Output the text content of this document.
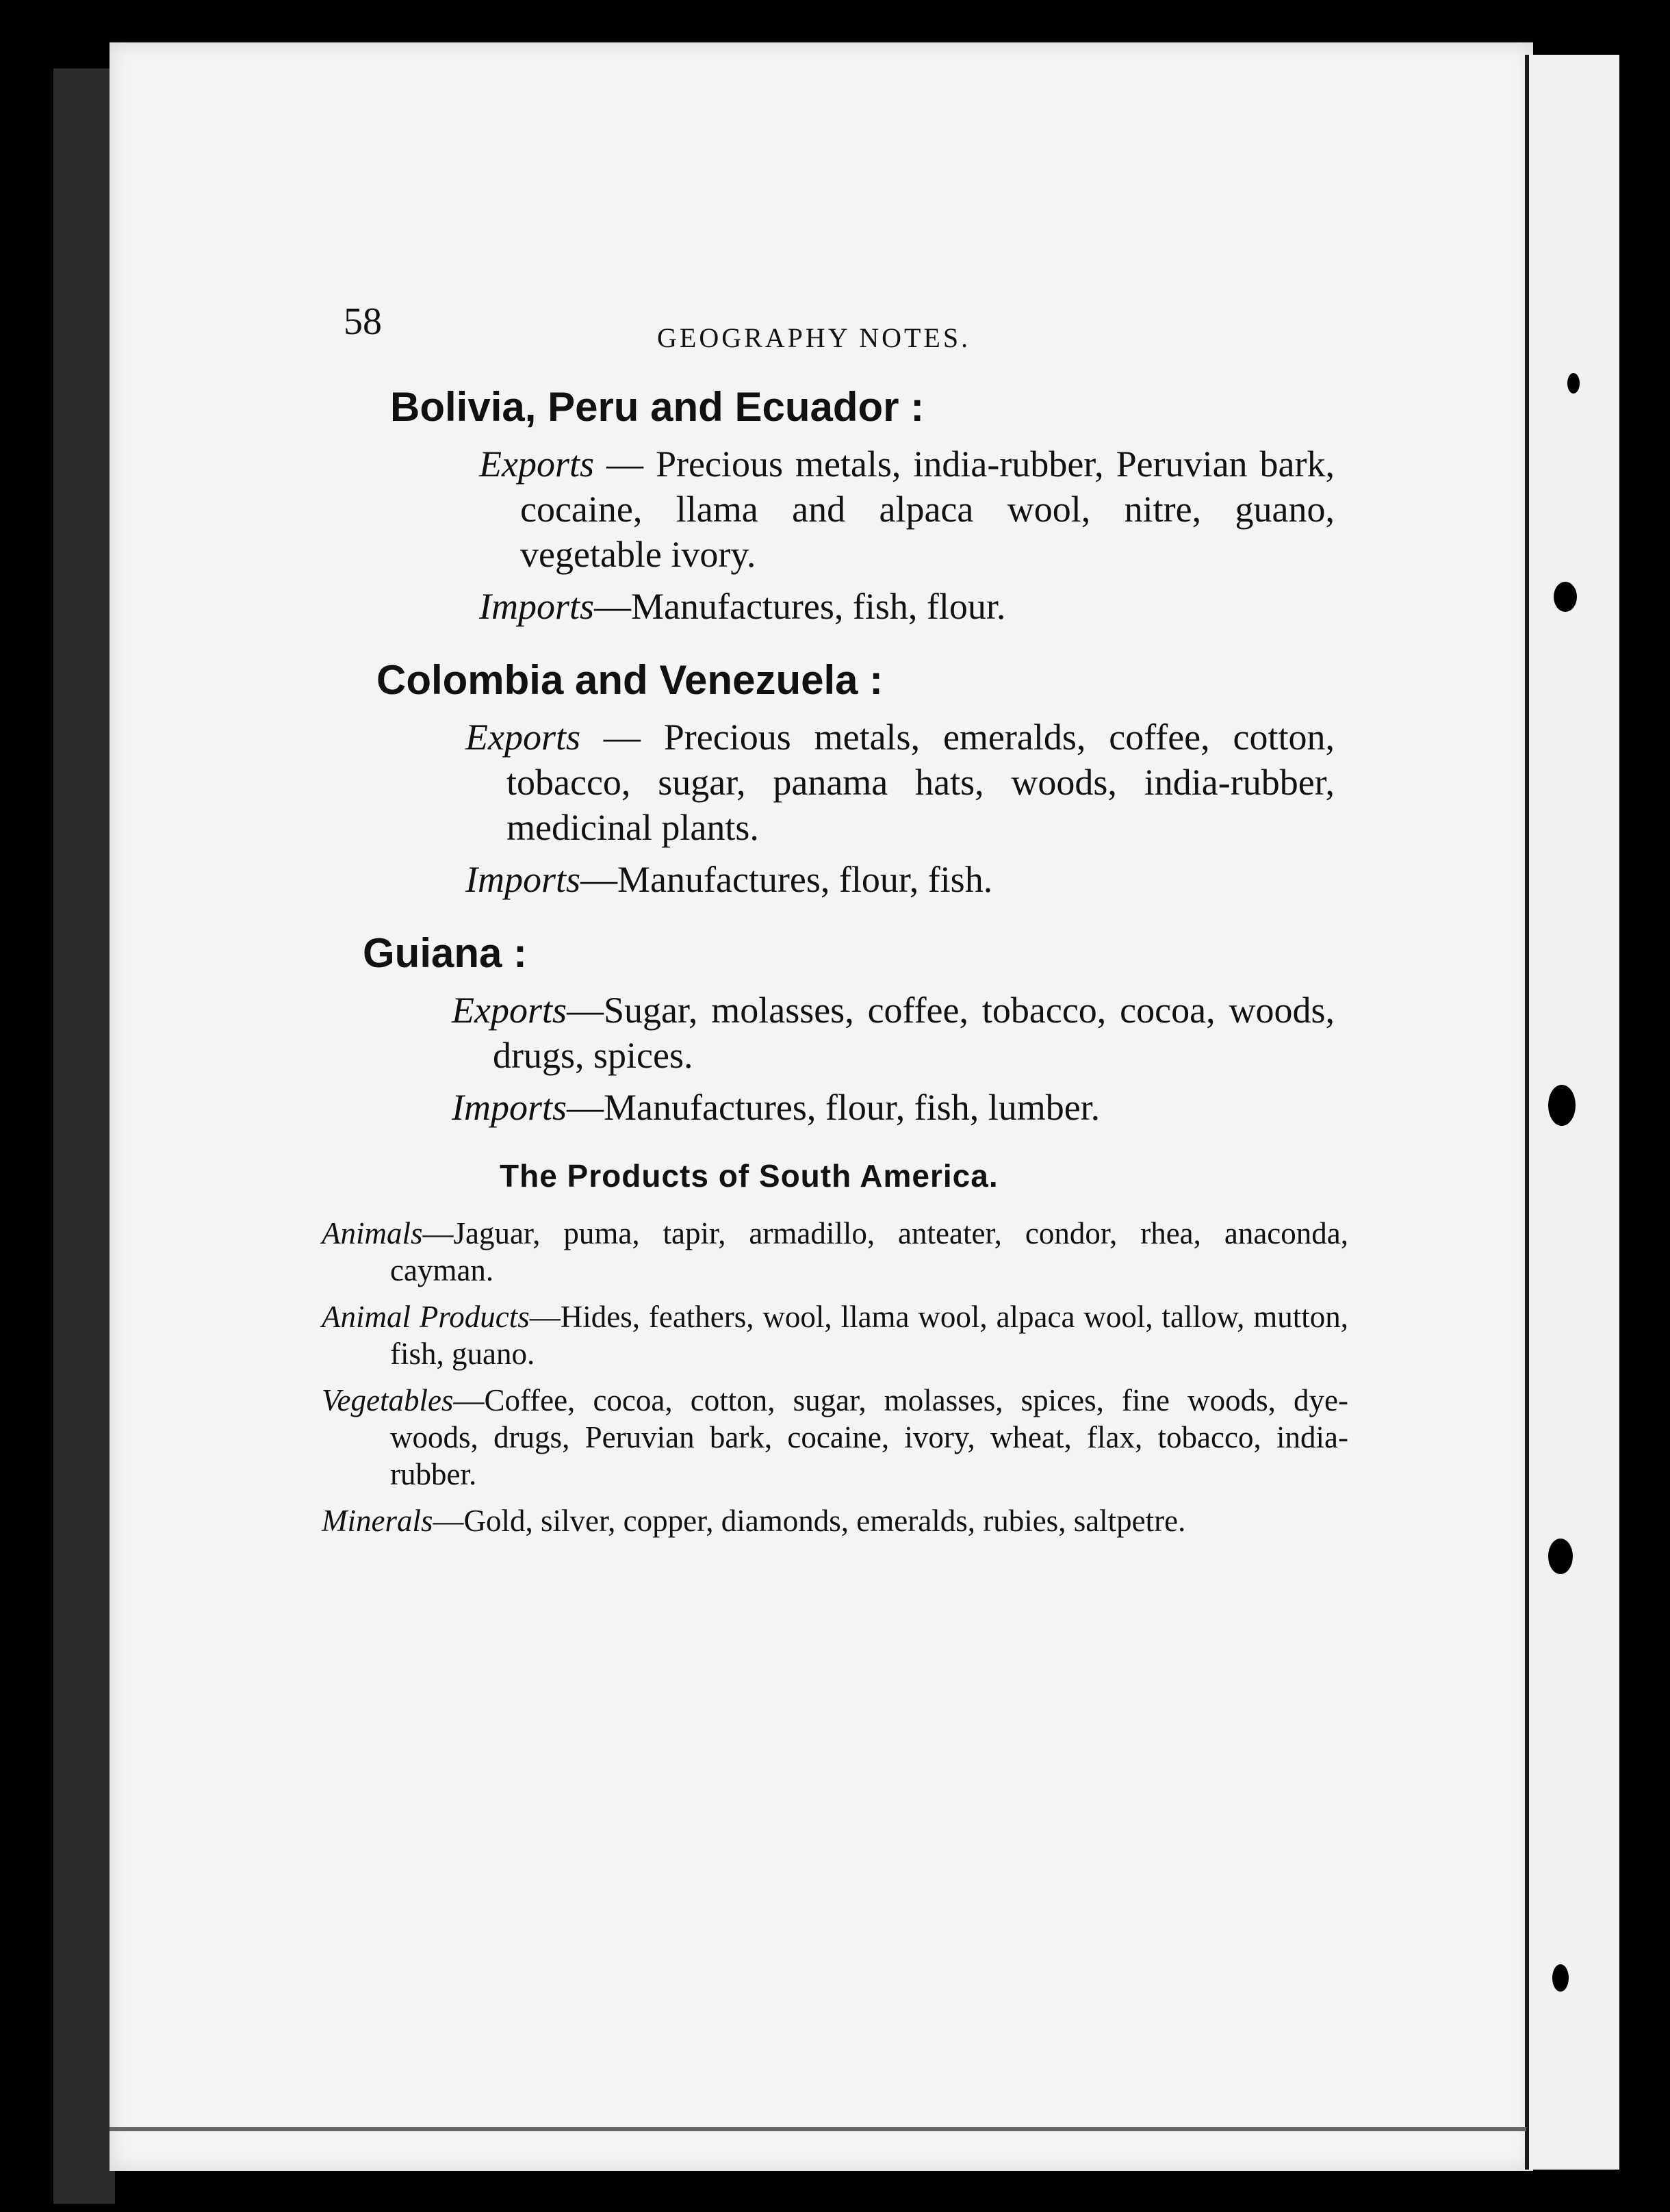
58	GEOGRAPHY NOTES.
Bolivia, Peru and Ecuador :

Exports — Precious metals, india-rubber, Peruvian bark, cocaine, llama and alpaca wool, nitre, guano, vegetable ivory.

Imports—Manufactures, fish, flour.

Colombia and Venezuela :

Exports — Precious metals, emeralds, coffee, cotton, tobacco, sugar, panama hats, woods, india-rubber, medicinal plants.

Imports—Manufactures, flour, fish.

Guiana :

Exports—Sugar, molasses, coffee, tobacco, cocoa, woods, drugs, spices.

Imports—Manufactures, flour, fish, lumber.

The Products of South America.

Animals—Jaguar, puma, tapir, armadillo, anteater, condor, rhea, anaconda, cayman.

Animal Products—Hides, feathers, wool, llama wool, alpaca wool, tallow, mutton, fish, guano.

Vegetables—Coffee, cocoa, cotton, sugar, molasses, spices, fine woods, dye-woods, drugs, Peruvian bark, cocaine, ivory, wheat, flax, tobacco, india-rubber.

Minerals—Gold, silver, copper, diamonds, emeralds, rubies, saltpetre.
